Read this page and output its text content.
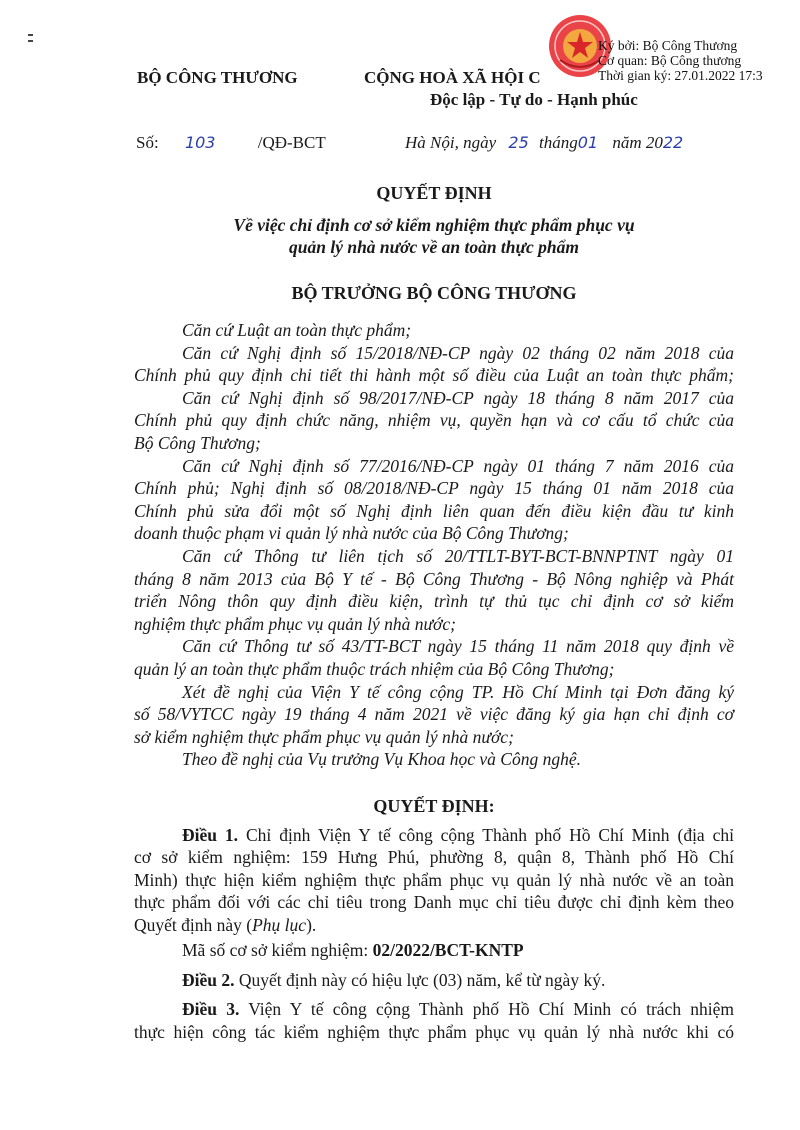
BỘ CÔNG THƯƠNG	CỘNG HOÀ XÃ HỘI C
Độc lập - Tự do - Hạnh phúc
Ký bởi: Bộ Công Thương
Cơ quan: Bộ Công thương
Thời gian ký: 27.01.2022 17:3
Số: 103 /QĐ-BCT	Hà Nội, ngày 25 tháng01 năm 2022
QUYẾT ĐỊNH
Về việc chỉ định cơ sở kiểm nghiệm thực phẩm phục vụ
quản lý nhà nước về an toàn thực phẩm
BỘ TRƯỞNG BỘ CÔNG THƯƠNG
Căn cứ Luật an toàn thực phẩm;
Căn cứ Nghị định số 15/2018/NĐ-CP ngày 02 tháng 02 năm 2018 của
Chính phủ quy định chi tiết thi hành một số điều của Luật an toàn thực phẩm;
Căn cứ Nghị định số 98/2017/NĐ-CP ngày 18 tháng 8 năm 2017 của
Chính phủ quy định chức năng, nhiệm vụ, quyền hạn và cơ cấu tổ chức của
Bộ Công Thương;
Căn cứ Nghị định số 77/2016/NĐ-CP ngày 01 tháng 7 năm 2016 của
Chính phủ; Nghị định số 08/2018/NĐ-CP ngày 15 tháng 01 năm 2018 của
Chính phủ sửa đổi một số Nghị định liên quan đến điều kiện đầu tư kinh
doanh thuộc phạm vi quản lý nhà nước của Bộ Công Thương;
Căn cứ Thông tư liên tịch số 20/TTLT-BYT-BCT-BNNPTNT ngày 01
tháng 8 năm 2013 của Bộ Y tế - Bộ Công Thương - Bộ Nông nghiệp và Phát
triển Nông thôn quy định điều kiện, trình tự thủ tục chỉ định cơ sở kiểm
nghiệm thực phẩm phục vụ quản lý nhà nước;
Căn cứ Thông tư số 43/TT-BCT ngày 15 tháng 11 năm 2018 quy định về
quản lý an toàn thực phẩm thuộc trách nhiệm của Bộ Công Thương;
Xét đề nghị của Viện Y tế công cộng TP. Hồ Chí Minh tại Đơn đăng ký
số 58/VYTCC ngày 19 tháng 4 năm 2021 về việc đăng ký gia hạn chỉ định cơ
sở kiểm nghiệm thực phẩm phục vụ quản lý nhà nước;
Theo đề nghị của Vụ trưởng Vụ Khoa học và Công nghệ.
QUYẾT ĐỊNH:
Điều 1. Chỉ định Viện Y tế công cộng Thành phố Hồ Chí Minh (địa chỉ
cơ sở kiểm nghiệm: 159 Hưng Phú, phường 8, quận 8, Thành phố Hồ Chí
Minh) thực hiện kiểm nghiệm thực phẩm phục vụ quản lý nhà nước về an toàn
thực phẩm đối với các chỉ tiêu trong Danh mục chỉ tiêu được chỉ định kèm theo
Quyết định này (Phụ lục).
Mã số cơ sở kiểm nghiệm: 02/2022/BCT-KNTP
Điều 2. Quyết định này có hiệu lực (03) năm, kể từ ngày ký.
Điều 3. Viện Y tế công cộng Thành phố Hồ Chí Minh có trách nhiệm
thực hiện công tác kiểm nghiệm thực phẩm phục vụ quản lý nhà nước khi có
